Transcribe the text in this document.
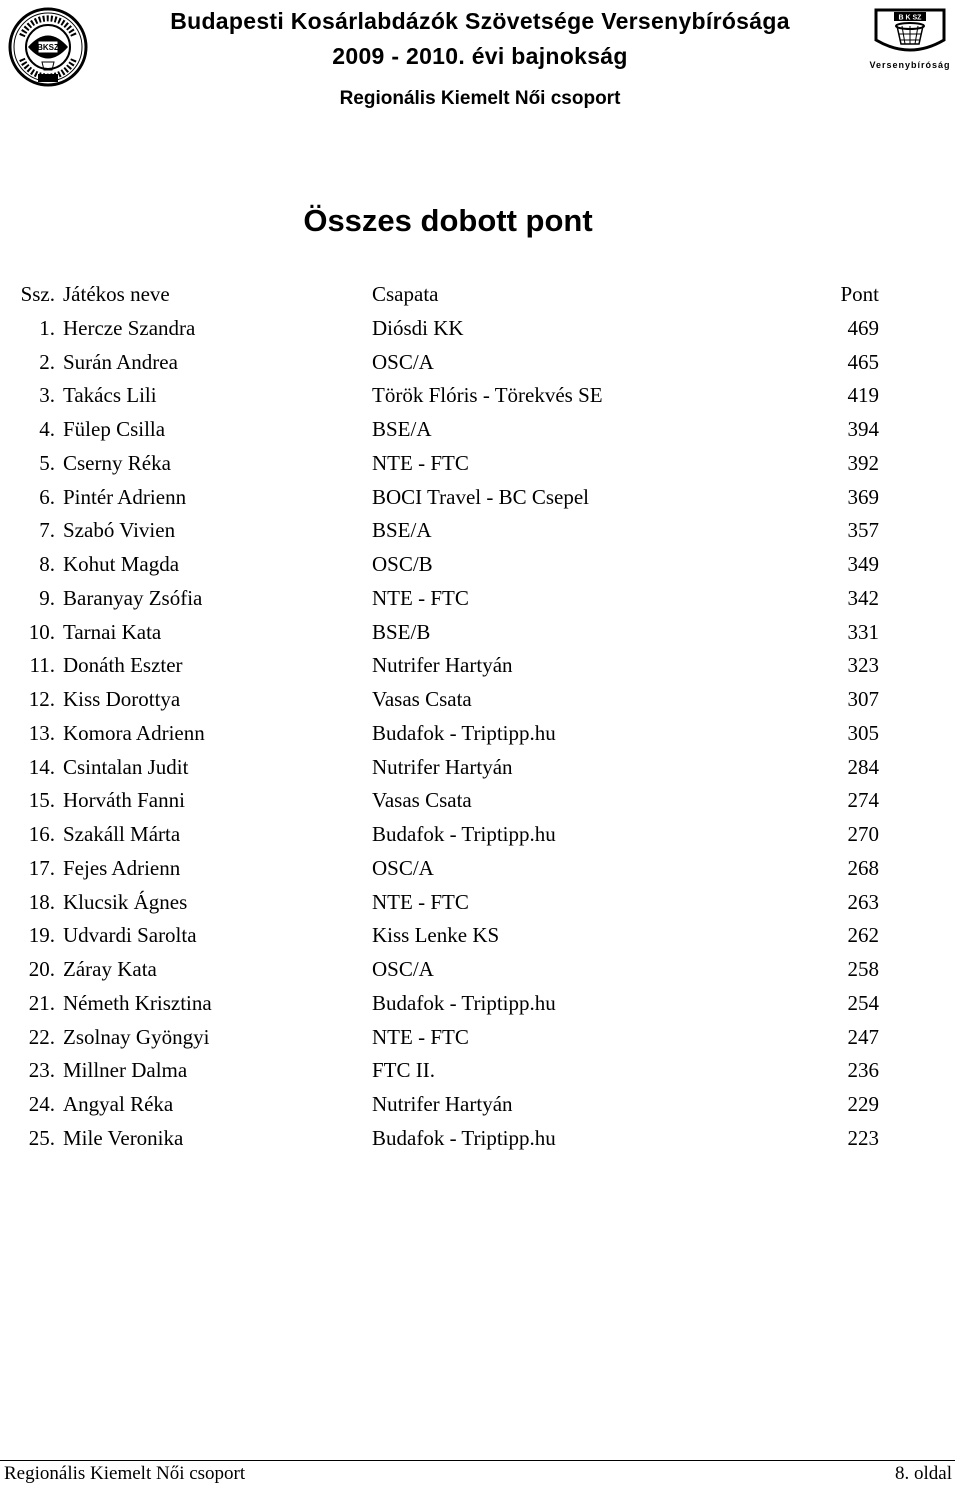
BKSZ
B K SZ
Versenybíróság
Budapesti Kosárlabdázók Szövetsége Versenybírósága
2009 - 2010. évi bajnokság
Regionális Kiemelt Női csoport
Összes dobott pont
Ssz. Játékos neve	Csapata	Pont
1. Hercze Szandra	Diósdi KK	469
2. Surán Andrea	OSC/A	465
3. Takács Lili	Török Flóris - Törekvés SE	419
4. Fülep Csilla	BSE/A	394
5. Cserny Réka	NTE - FTC	392
6. Pintér Adrienn	BOCI Travel - BC Csepel	369
7. Szabó Vivien	BSE/A	357
8. Kohut Magda	OSC/B	349
9. Baranyay Zsófia	NTE - FTC	342
10. Tarnai Kata	BSE/B	331
11. Donáth Eszter	Nutrifer Hartyán	323
12. Kiss Dorottya	Vasas Csata	307
13. Komora Adrienn	Budafok - Triptipp.hu	305
14. Csintalan Judit	Nutrifer Hartyán	284
15. Horváth Fanni	Vasas Csata	274
16. Szakáll Márta	Budafok - Triptipp.hu	270
17. Fejes Adrienn	OSC/A	268
18. Klucsik Ágnes	NTE - FTC	263
19. Udvardi Sarolta	Kiss Lenke KS	262
20. Záray Kata	OSC/A	258
21. Németh Krisztina	Budafok - Triptipp.hu	254
22. Zsolnay Gyöngyi	NTE - FTC	247
23. Millner Dalma	FTC II.	236
24. Angyal Réka	Nutrifer Hartyán	229
25. Mile Veronika	Budafok - Triptipp.hu	223
Regionális Kiemelt Női csoport	8. oldal
